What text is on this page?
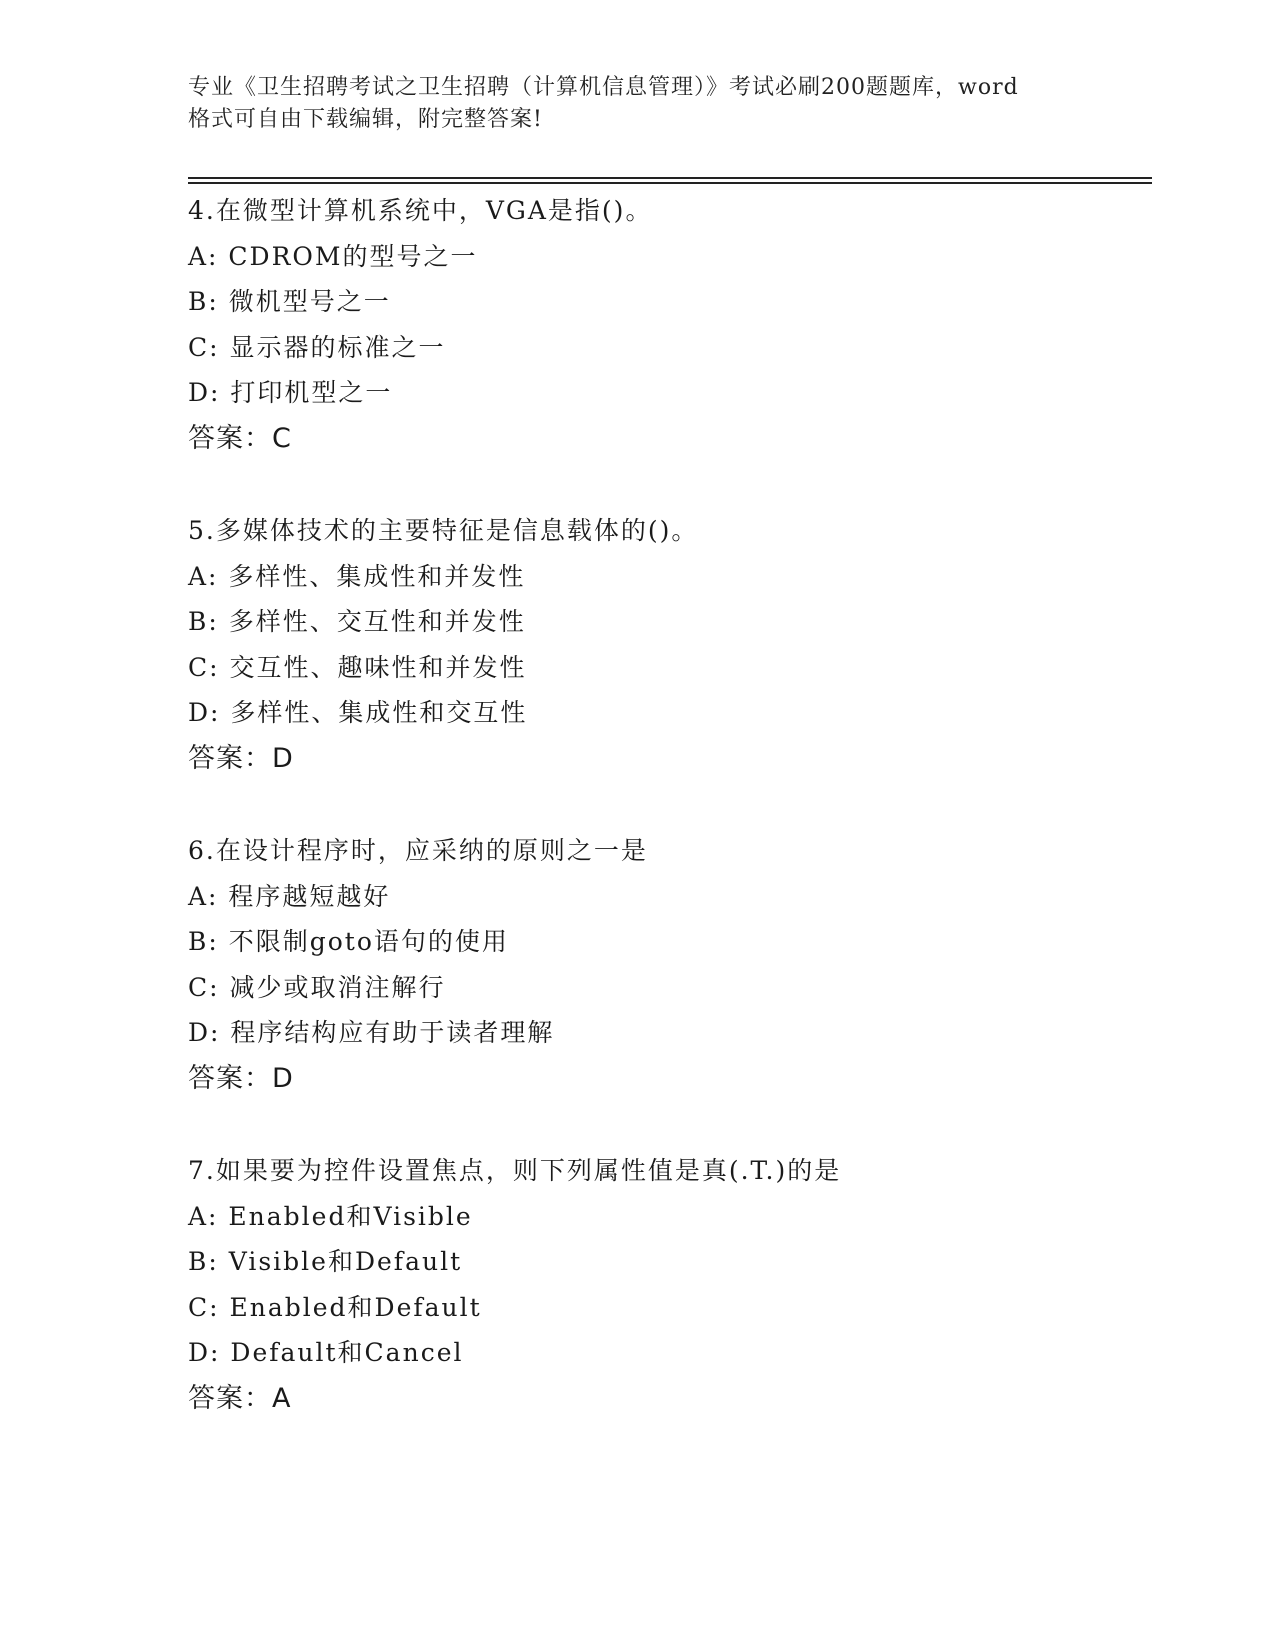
专业《卫生招聘考试之卫生招聘（计算机信息管理）》考试必刷200题题库，word
格式可自由下载编辑，附完整答案!
4.在微型计算机系统中，VGA是指()。
A: CDROM的型号之一
B: 微机型号之一
C: 显示器的标准之一
D: 打印机型之一
答案：C
5.多媒体技术的主要特征是信息载体的()。
A: 多样性、集成性和并发性
B: 多样性、交互性和并发性
C: 交互性、趣味性和并发性
D: 多样性、集成性和交互性
答案：D
6.在设计程序时，应采纳的原则之一是
A: 程序越短越好
B: 不限制goto语句的使用
C: 减少或取消注解行
D: 程序结构应有助于读者理解
答案：D
7.如果要为控件设置焦点，则下列属性值是真(.T.)的是
A: Enabled和Visible
B: Visible和Default
C: Enabled和Default
D: Default和Cancel
答案：A
